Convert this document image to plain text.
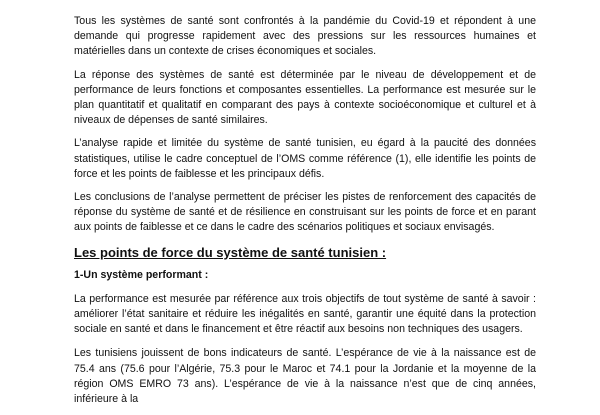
Tous les systèmes de santé sont confrontés à la pandémie du Covid-19 et répondent à une demande qui progresse rapidement avec des pressions sur les ressources humaines et matérielles dans un contexte de crises économiques et sociales.

La réponse des systèmes de santé est déterminée par le niveau de développement et de performance de leurs fonctions et composantes essentielles. La performance est mesurée sur le plan quantitatif et qualitatif en comparant des pays à contexte socioéconomique et culturel et à niveaux de dépenses de santé similaires.

L’analyse rapide et limitée du système de santé tunisien, eu égard à la paucité des données statistiques, utilise le cadre conceptuel de l’OMS comme référence (1), elle identifie les points de force et les points de faiblesse et les principaux défis.

Les conclusions de l’analyse permettent de préciser les pistes de renforcement des capacités de réponse du système de santé et de résilience en construisant sur les points de force et en parant aux points de faiblesse et ce dans le cadre des scénarios politiques et sociaux envisagés.

Les points de force du système de santé tunisien :
1-Un système performant :

La performance est mesurée par référence aux trois objectifs de tout système de santé à savoir : améliorer l’état sanitaire et réduire les inégalités en santé, garantir une équité dans la protection sociale en santé et dans le financement et être réactif aux besoins non techniques des usagers.

Les tunisiens jouissent de bons indicateurs de santé. L’espérance de vie à la naissance est de 75.4 ans (75.6 pour l’Algérie, 75.3 pour le Maroc et 74.1 pour la Jordanie et la moyenne de la région OMS EMRO 73 ans). L’espérance de vie à la naissance n’est que de cinq années, inférieure à la
